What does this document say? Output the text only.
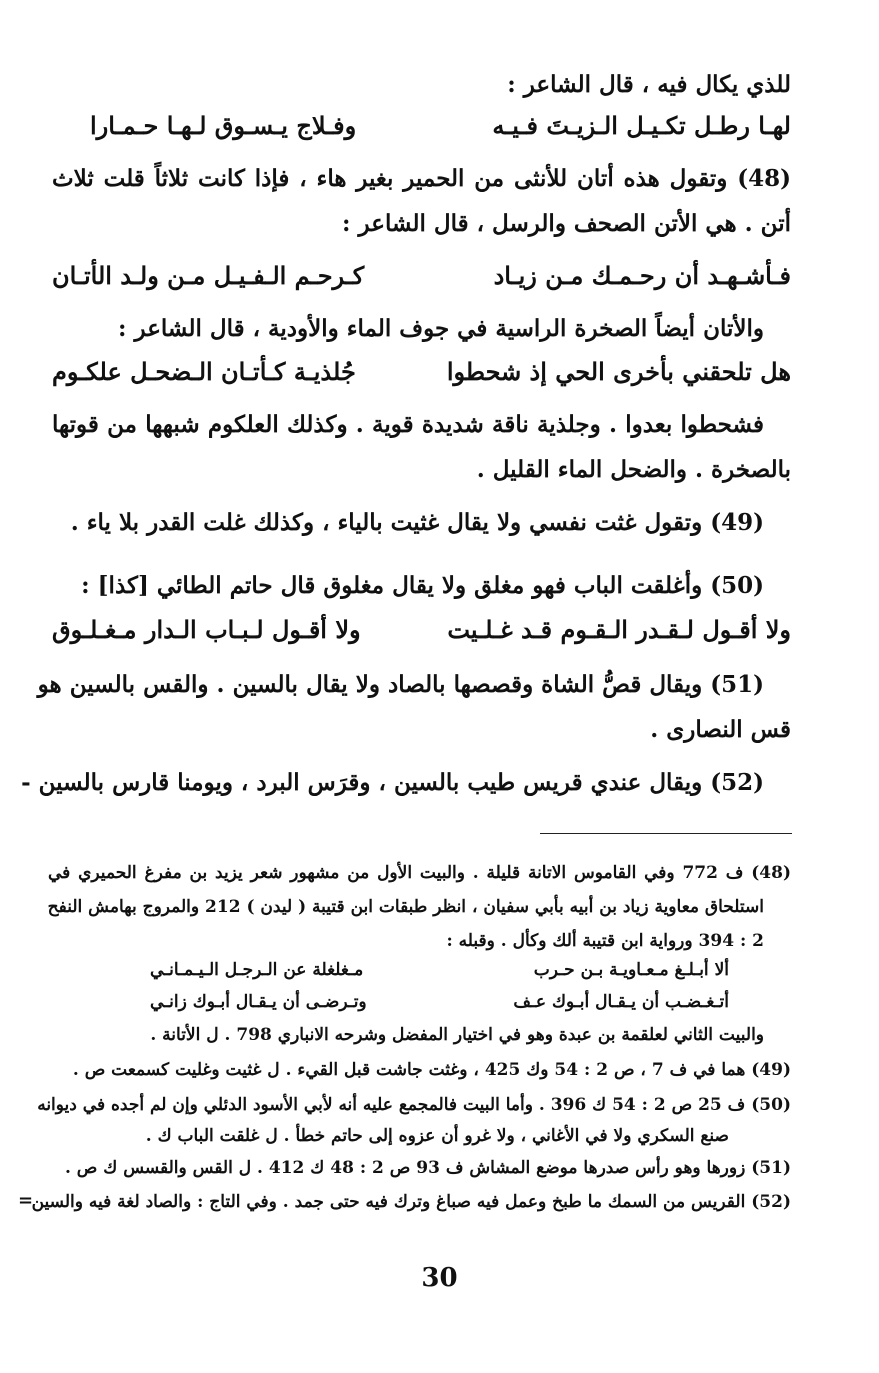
للذي يكال فيه ، قال الشاعر :
لهـا رطـل تكـيـل الـزيـتَ فـيـه
وفـلاج يـسـوق لـهـا حـمـارا
(48) وتقول هذه أتان للأنثى من الحمير بغير هاء ، فإذا كانت ثلاثاً قلت ثلاث
أتن . هي الأتن الصحف والرسل ، قال الشاعر :
فـأشـهـد أن رحـمـك مـن زيـاد
كـرحـم الـفـيـل مـن ولـد الأتـان
والأتان أيضاً الصخرة الراسية في جوف الماء والأودية ، قال الشاعر :
هل تلحقني بأخرى الحي إذ شحطوا
جُلذيـة كـأتـان الـضحـل علكـوم
فشحطوا بعدوا . وجلذية ناقة شديدة قوية . وكذلك العلكوم شبهها من قوتها
بالصخرة . والضحل الماء القليل .
(49) وتقول غثت نفسي ولا يقال غثيت بالياء ، وكذلك غلت القدر بلا ياء .
(50) وأغلقت الباب فهو مغلق ولا يقال مغلوق قال حاتم الطائي [كذا] :
ولا أقـول لـقـدر الـقـوم قـد غـلـيت
ولا أقـول لـبـاب الـدار مـغـلـوق
(51) ويقال قصُّ الشاة وقصصها بالصاد ولا يقال بالسين . والقس بالسين هو
قس النصارى .
(52) ويقال عندي قريس طيب بالسين ، وقرَس البرد ، ويومنا قارس بالسين -
(48) ف 772 وفي القاموس الاتانة قليلة . والبيت الأول من مشهور شعر يزيد بن مفرغ الحميري في
استلحاق معاوية زياد بن أبيه بأبي سفيان ، انظر طبقات ابن قتيبة ( ليدن ) 212 والمروج بهامش النفح
2 : 394 ورواية ابن قتيبة ألك وكأل . وقبله :
ألا أبـلـغ مـعـاويـة بـن حـرب
مـغلغلة عن الـرجـل الـيـمـانـي
أتـغـضـب أن يـقـال أبـوك عـف
وتـرضـى أن يـقـال أبـوك زانـي
والبيت الثاني لعلقمة بن عبدة وهو في اختيار المفضل وشرحه الانباري 798 . ل الأتانة .
(49) هما في ف 7 ، ص 2 : 54 وك 425 ، وغثت جاشت قبل القيء . ل غثيت وغليت كسمعت ص .
(50) ف 25 ص 2 : 54 ك 396 . وأما البيت فالمجمع عليه أنه لأبي الأسود الدئلي وإن لم أجده في ديوانه
صنع السكري ولا في الأغاني ، ولا غرو أن عزوه إلى حاتم خطأ . ل غلقت الباب ك .
(51) زورها وهو رأس صدرها موضع المشاش ف 93 ص 2 : 48 ك 412 . ل القس والقسس ك ص .
(52) القريس من السمك ما طبخ وعمل فيه صباغ وترك فيه حتى جمد . وفي التاج : والصاد لغة فيه والسين
=
30
